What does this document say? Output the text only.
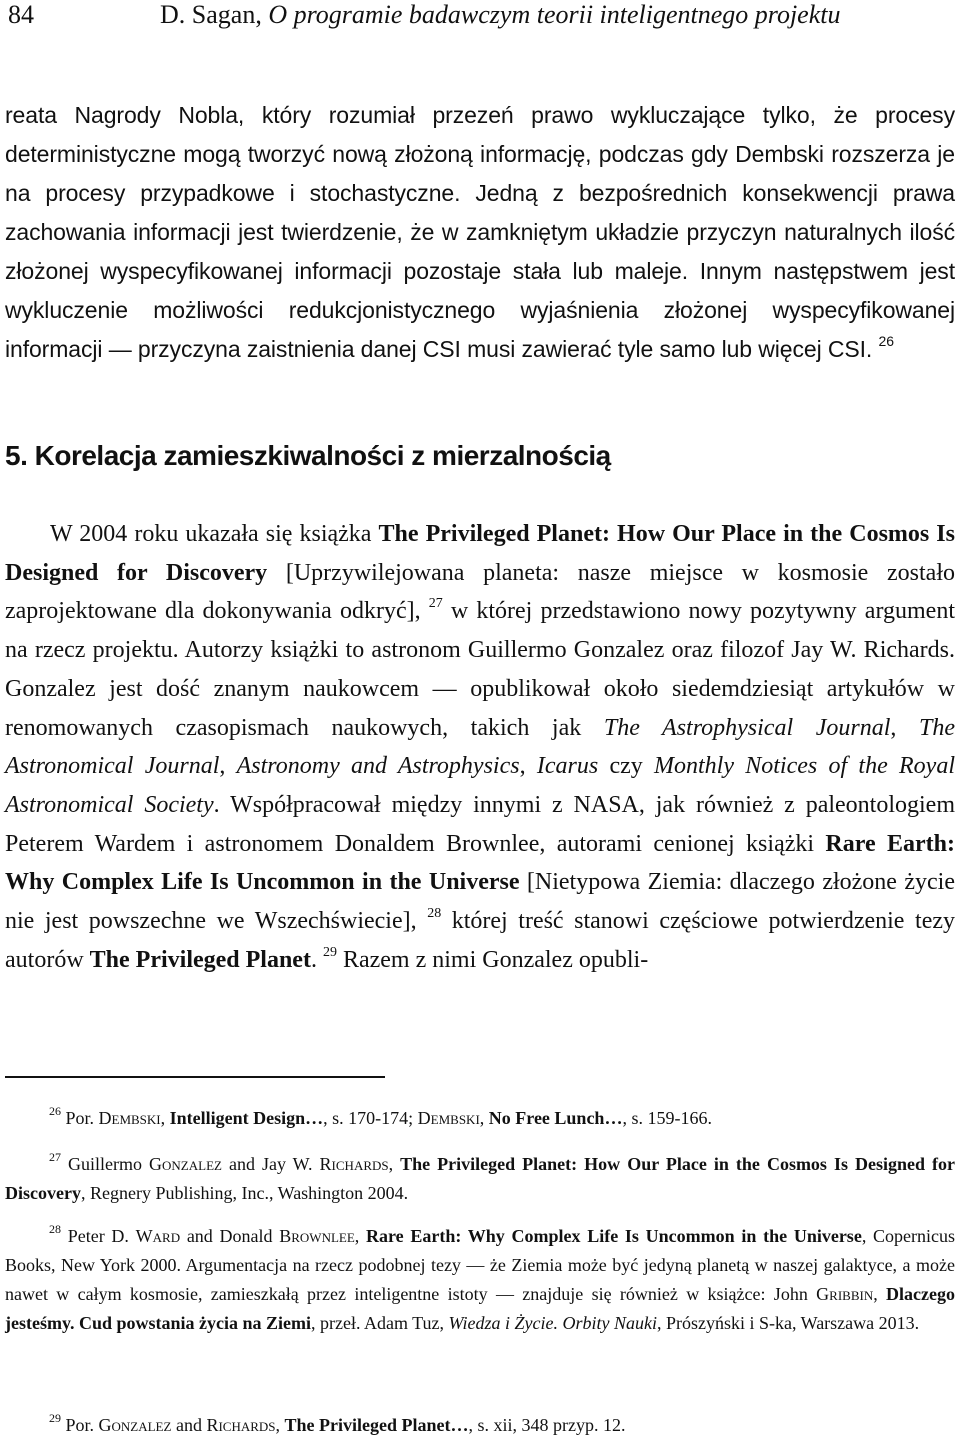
84	D. Sagan, O programie badawczym teorii inteligentnego projektu
reata Nagrody Nobla, który rozumiał przezeń prawo wykluczające tylko, że procesy deterministyczne mogą tworzyć nową złożoną informację, podczas gdy Dembski rozszerza je na procesy przypadkowe i stochastyczne. Jedną z bezpośrednich konsekwencji prawa zachowania informacji jest twierdzenie, że w zamkniętym układzie przyczyn naturalnych ilość złożonej wyspecyfikowanej informacji pozostaje stała lub maleje. Innym następstwem jest wykluczenie możliwości redukcjonistycznego wyjaśnienia złożonej wyspecyfikowanej informacji — przyczyna zaistnienia danej CSI musi zawierać tyle samo lub więcej CSI. $^{26}$
5. Korelacja zamieszkiwalności z mierzalnością
W 2004 roku ukazała się książka The Privileged Planet: How Our Place in the Cosmos Is Designed for Discovery [Uprzywilejowana planeta: nasze miejsce w kosmosie zostało zaprojektowane dla dokonywania odkryć], $^{27}$ w której przedstawiono nowy pozytywny argument na rzecz projektu. Autorzy książki to astronom Guillermo Gonzalez oraz filozof Jay W. Richards. Gonzalez jest dość znanym naukowcem — opublikował około siedemdziesiąt artykułów w renomowanych czasopismach naukowych, takich jak The Astrophysical Journal, The Astronomical Journal, Astronomy and Astrophysics, Icarus czy Monthly Notices of the Royal Astronomical Society. Współpracował między innymi z NASA, jak również z paleontologiem Peterem Wardem i astronomem Donaldem Brownlee, autorami cenionej książki Rare Earth: Why Complex Life Is Uncommon in the Universe [Nietypowa Ziemia: dlaczego złożone życie nie jest powszechne we Wszechświecie], $^{28}$ której treść stanowi częściowe potwierdzenie tezy autorów The Privileged Planet. $^{29}$ Razem z nimi Gonzalez opubli-
$^{26}$ Por. Dembski, Intelligent Design…, s. 170-174; Dembski, No Free Lunch…, s. 159-166.
$^{27}$ Guillermo Gonzalez and Jay W. Richards, The Privileged Planet: How Our Place in the Cosmos Is Designed for Discovery, Regnery Publishing, Inc., Washington 2004.
$^{28}$ Peter D. Ward and Donald Brownlee, Rare Earth: Why Complex Life Is Uncommon in the Universe, Copernicus Books, New York 2000. Argumentacja na rzecz podobnej tezy — że Ziemia może być jedyną planetą w naszej galaktyce, a może nawet w całym kosmosie, zamieszkałą przez inteligentne istoty — znajduje się również w książce: John Gribbin, Dlaczego jesteśmy. Cud powstania życia na Ziemi, przeł. Adam Tuz, Wiedza i Życie. Orbity Nauki, Prószyński i S-ka, Warszawa 2013.
$^{29}$ Por. Gonzalez and Richards, The Privileged Planet…, s. xii, 348 przyp. 12.
